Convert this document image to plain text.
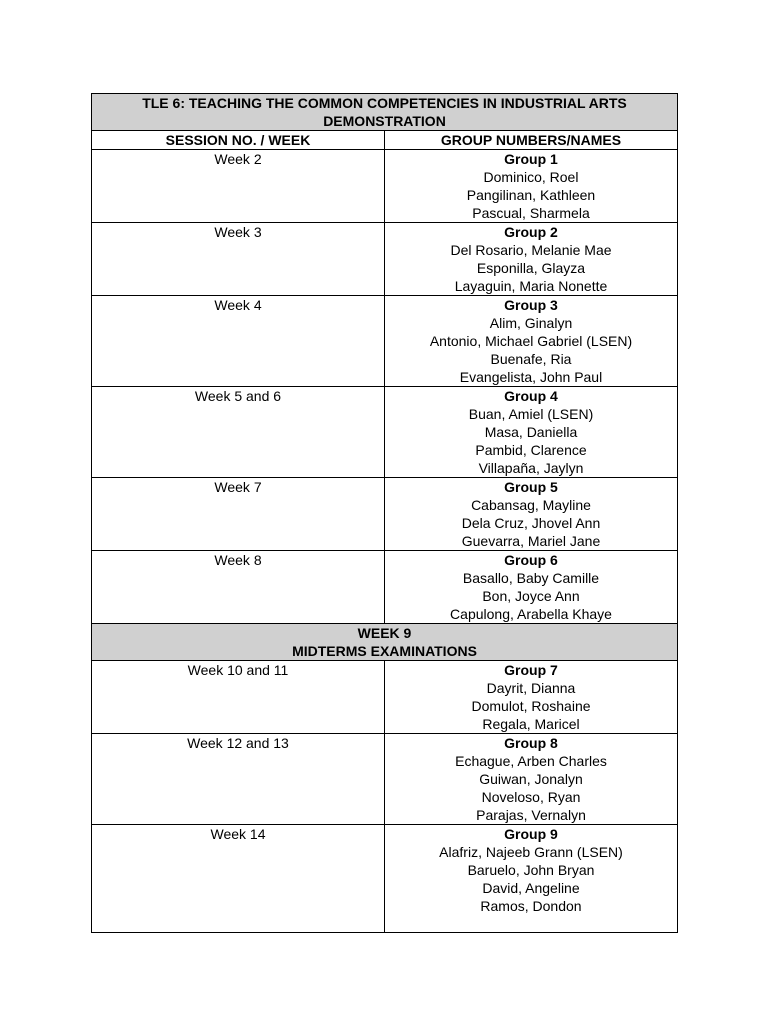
TLE 6: TEACHING THE COMMON COMPETENCIES IN INDUSTRIAL ARTS
DEMONSTRATION	

SESSION NO. / WEEK	GROUP NUMBERS/NAMES
Week 2	Group 1
Dominico, Roel
Pangilinan, Kathleen
Pascual, Sharmela

Week 3	Group 2
Del Rosario, Melanie Mae
Esponilla, Glayza
Layaguin, Maria Nonette

Week 4	Group 3
Alim, Ginalyn
Antonio, Michael Gabriel (LSEN)
Buenafe, Ria
Evangelista, John Paul

Week 5 and 6	Group 4
Buan, Amiel (LSEN)
Masa, Daniella
Pambid, Clarence
Villapaña, Jaylyn

Week 7	Group 5
Cabansag, Mayline
Dela Cruz, Jhovel Ann
Guevarra, Mariel Jane

Week 8	Group 6
Basallo, Baby Camille
Bon, Joyce Ann
Capulong, Arabella Khaye

WEEK 9
MIDTERMS EXAMINATIONS	

Week 10 and 11	Group 7
Dayrit, Dianna
Domulot, Roshaine
Regala, Maricel

Week 12 and 13	Group 8
Echague, Arben Charles
Guiwan, Jonalyn
Noveloso, Ryan
Parajas, Vernalyn

Week 14	Group 9
Alafriz, Najeeb Grann (LSEN)
Baruelo, John Bryan
David, Angeline
Ramos, Dondon
